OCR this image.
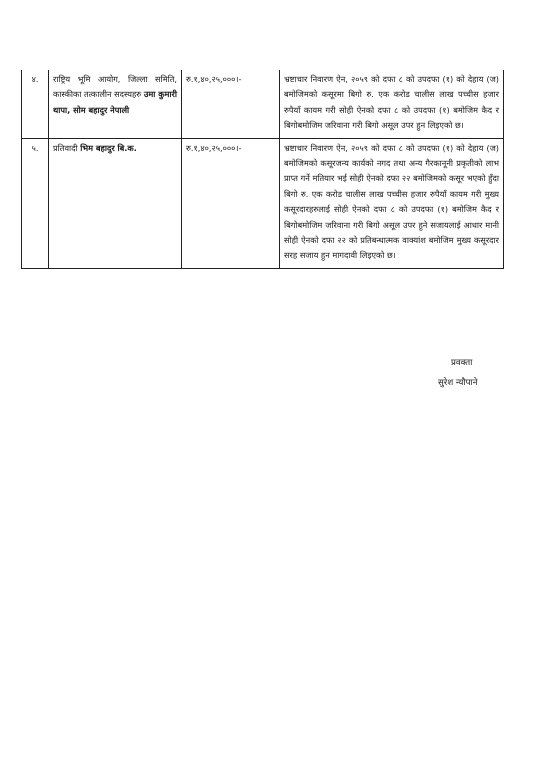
४.	राष्ट्रिय भूमि आयोग, जिल्ला समिति, कास्कीका तत्कालीन सदस्यहरु उमा कुमारी थापा, सोम बहादुर नेपाली	रु.१,४०,२५,०००।-	भ्रष्टाचार निवारण ऐन, २०५९ को दफा ८ को उपदफा (१) को देहाय (ज) बमोजिमको कसूरमा बिगो रु. एक करोड चालीस लाख पच्चीस हजार रुपैयाँ कायम गरी सोही ऐनको दफा ८ को उपदफा (१) बमोजिम कैद र बिगोबमोजिम जरिवाना गरी बिगो असूल उपर हुन लिइएको छ।
५.	प्रतिवादी भिम बहादुर बि.क.	रु.१,४०,२५,०००।-	भ्रष्टाचार निवारण ऐन, २०५९ को दफा ८ को उपदफा (१) को देहाय (ज) बमोजिमको कसूरजन्य कार्यको नगद तथा अन्य गैरकानूनी प्रकृतीको लाभ प्राप्त गर्ने मतियार भई सोही ऐनको दफा २२ बमोजिमको कसूर भएको हुँदा बिगो रु. एक करोड चालीस लाख पच्चीस हजार रुपैयाँ कायम गरी मुख्य कसूरदारहरुलाई सोही ऐनको दफा ८ को उपदफा (१) बमोजिम कैद र बिगोबमोजिम जरिवाना गरी बिगो असूल उपर हुने सजायलाई आधार मानी सोही ऐनको दफा २२ को प्रतिबन्धात्मक वाक्यांश बमोजिम मुख्य कसूरदार सरह सजाय हुन मागदावी लिइएको छ।
प्रवक्ता
सुरेश न्यौपाने
